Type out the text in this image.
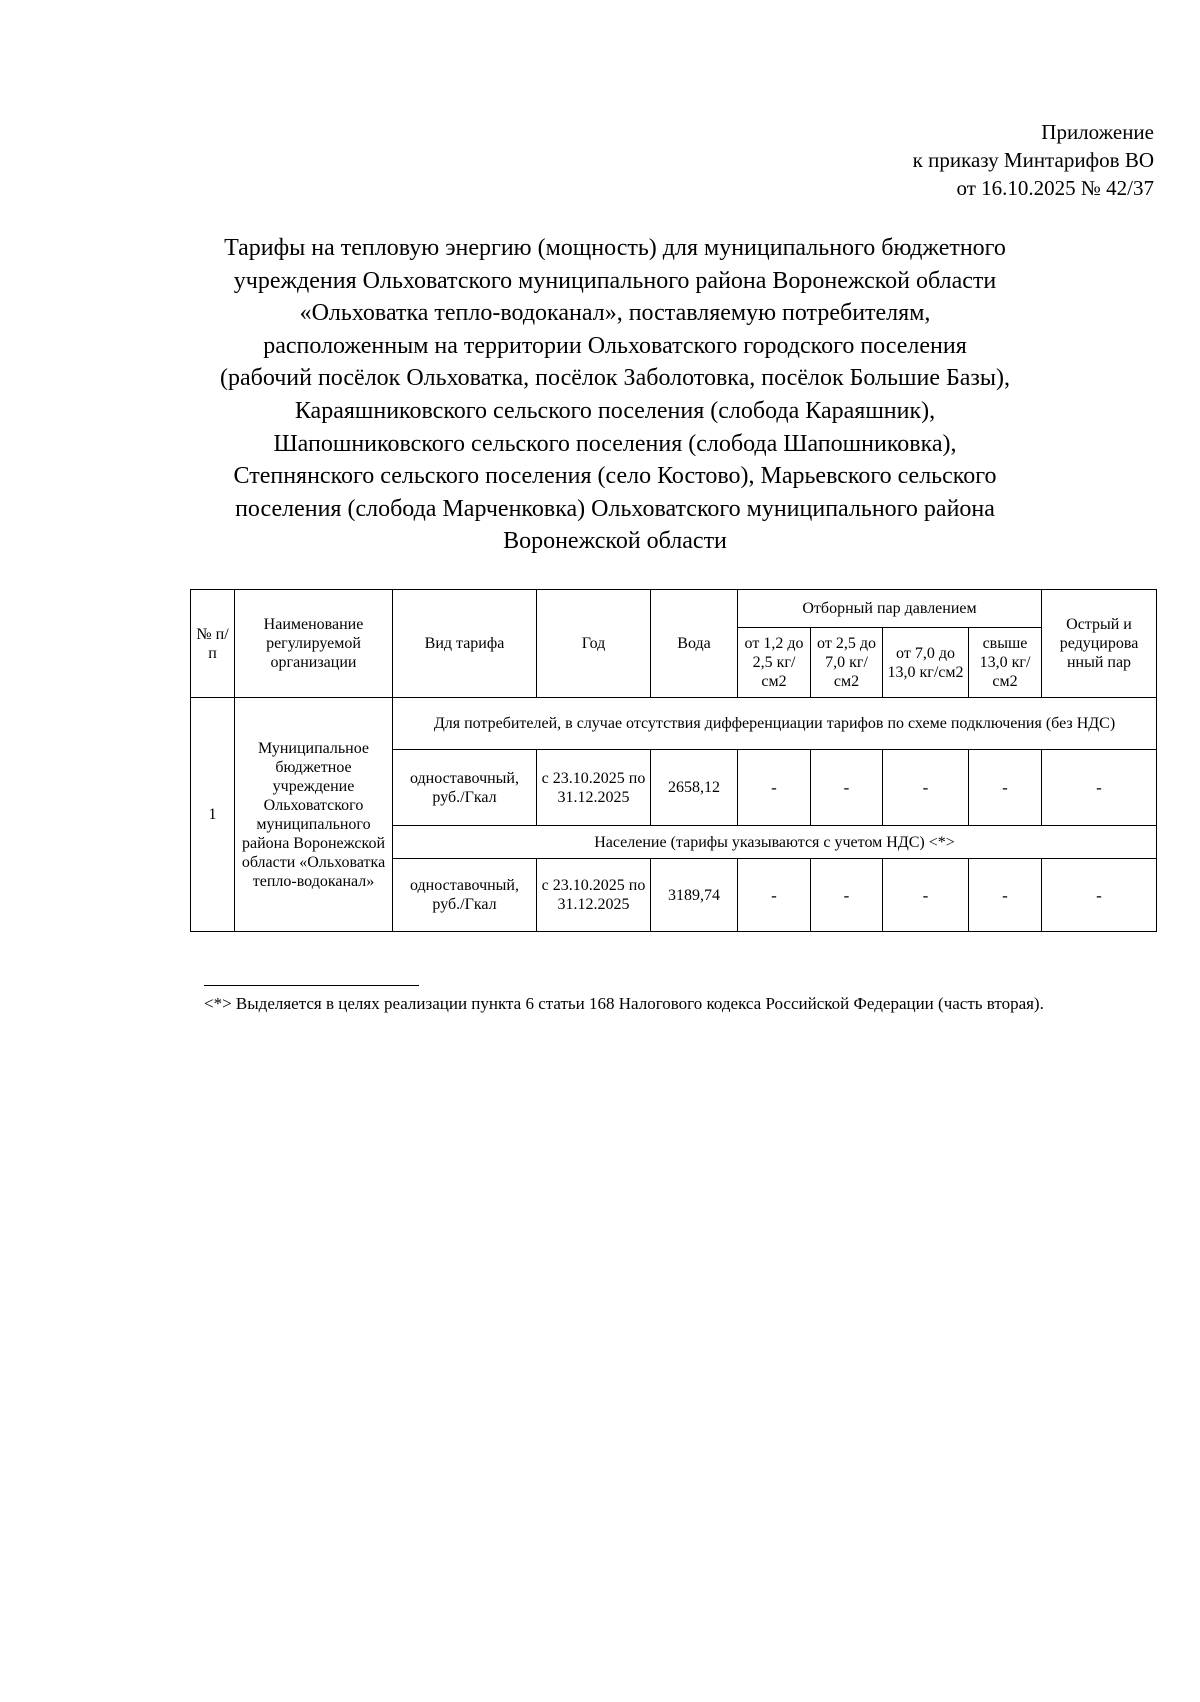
Приложение
к приказу Минтарифов ВО
от 16.10.2025 № 42/37
Тарифы на тепловую энергию (мощность) для муниципального бюджетного
учреждения Ольховатского муниципального района Воронежской области
«Ольховатка тепло-водоканал», поставляемую потребителям,
расположенным на территории Ольховатского городского поселения
(рабочий посёлок Ольховатка, посёлок Заболотовка, посёлок Большие Базы),
Караяшниковского сельского поселения (слобода Караяшник),
Шапошниковского сельского поселения (слобода Шапошниковка),
Степнянского сельского поселения (село Костово), Марьевского сельского
поселения (слобода Марченковка) Ольховатского муниципального района
Воронежской области
№ п/п	Наименование регулируемой организации	Вид тарифа	Год	Вода	Отборный пар давлением				Острый и редуцирова нный пар
					от 1,2 до 2,5 кг/см2	от 2,5 до 7,0 кг/см2	от 7,0 до 13,0 кг/см2	свыше 13,0 кг/см2	
1	Муниципальное бюджетное учреждение Ольховатского муниципального района Воронежской области «Ольховатка тепло-водоканал»	Для потребителей, в случае отсутствия дифференциации тарифов по схеме подключения (без НДС)							
		одноставочный, руб./Гкал	с 23.10.2025 по 31.12.2025	2658,12	-	-	-	-	-
		Население (тарифы указываются с учетом НДС) <*>							
		одноставочный, руб./Гкал	с 23.10.2025 по 31.12.2025	3189,74	-	-	-	-	-
<*> Выделяется в целях реализации пункта 6 статьи 168 Налогового кодекса Российской Федерации (часть вторая).
